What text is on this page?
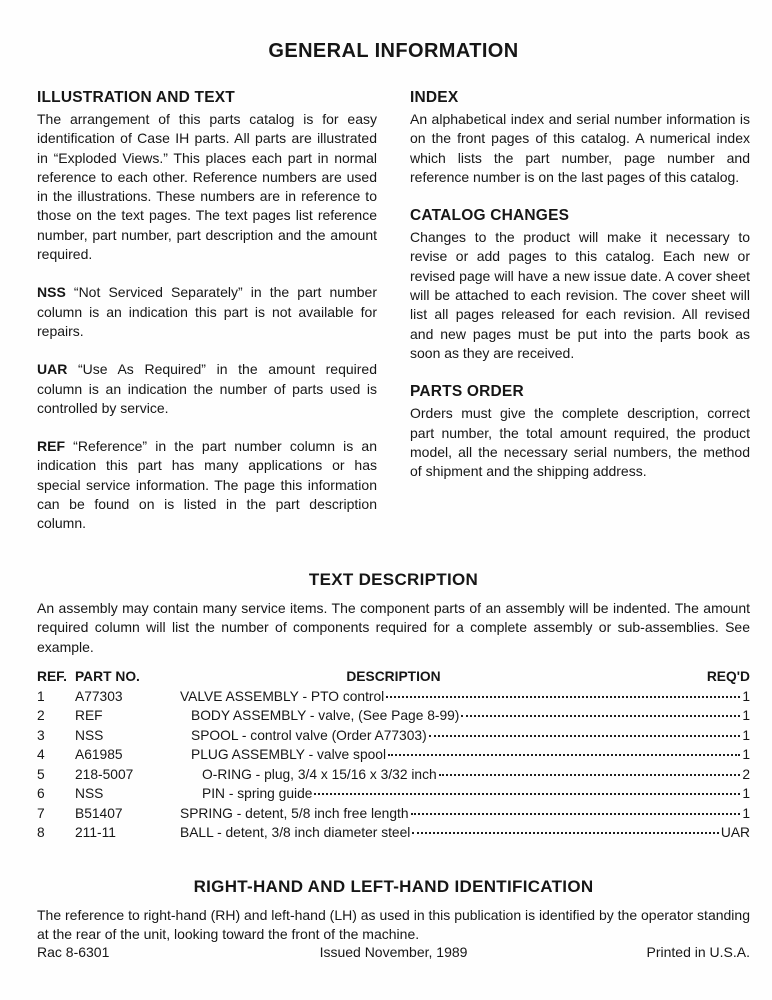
GENERAL INFORMATION
ILLUSTRATION AND TEXT

The arrangement of this parts catalog is for easy identification of Case IH parts. All parts are illustrated in “Exploded Views.” This places each part in normal reference to each other. Reference numbers are used in the illustrations. These numbers are in reference to those on the text pages. The text pages list reference number, part number, part description and the amount required.

NSS “Not Serviced Separately” in the part number column is an indication this part is not available for repairs.

UAR “Use As Required” in the amount required column is an indication the number of parts used is controlled by service.

REF “Reference” in the part number column is an indication this part has many applications or has special service information. The page this information can be found on is listed in the part description column.

INDEX

An alphabetical index and serial number information is on the front pages of this catalog. A numerical index which lists the part number, page number and reference number is on the last pages of this catalog.

CATALOG CHANGES

Changes to the product will make it necessary to revise or add pages to this catalog. Each new or revised page will have a new issue date. A cover sheet will be attached to each revision. The cover sheet will list all pages released for each revision. All revised and new pages must be put into the parts book as soon as they are received.

PARTS ORDER

Orders must give the complete description, correct part number, the total amount required, the product model, all the necessary serial numbers, the method of shipment and the shipping address.

TEXT DESCRIPTION

An assembly may contain many service items. The component parts of an assembly will be indented. The amount required column will list the number of components required for a complete assembly or sub-assemblies. See example.

REF. PART NO.	DESCRIPTION	REQ'D
1	A77303	VALVE ASSEMBLY - PTO control	1
2	REF	BODY ASSEMBLY - valve, (See Page 8-99)	1
3	NSS	SPOOL - control valve (Order A77303)	1
4	A61985	PLUG ASSEMBLY - valve spool	1
5	218-5007	O-RING - plug, 3/4 x 15/16 x 3/32 inch	2
6	NSS	PIN - spring guide	1
7	B51407	SPRING - detent, 5/8 inch free length	1
8	211-11	BALL - detent, 3/8 inch diameter steel	UAR
RIGHT-HAND AND LEFT-HAND IDENTIFICATION

The reference to right-hand (RH) and left-hand (LH) as used in this publication is identified by the operator standing at the rear of the unit, looking toward the front of the machine.

Rac 8-6301	Issued November, 1989	Printed in U.S.A.
